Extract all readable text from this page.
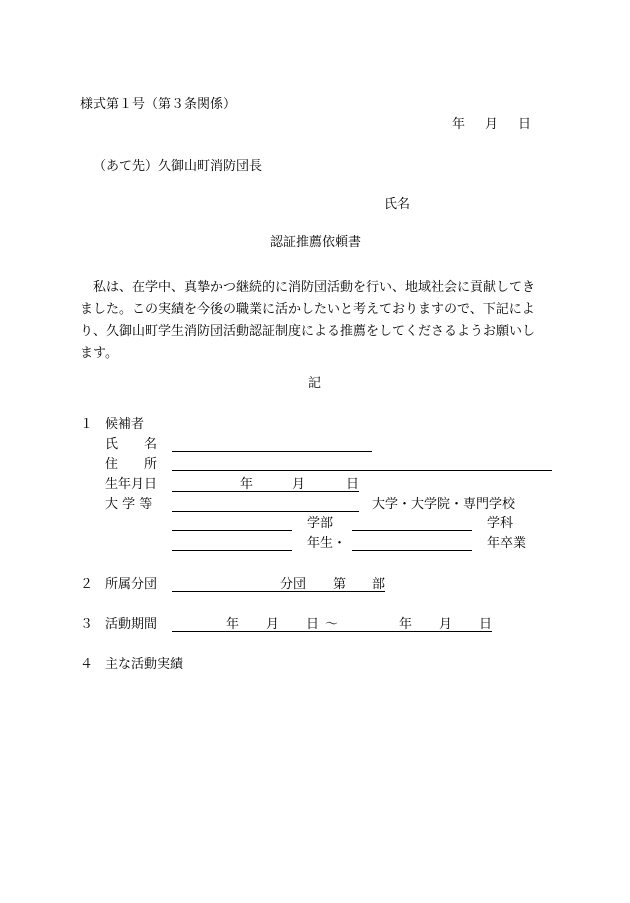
様式第１号（第３条関係）
年 月 日
（あて先）久御山町消防団長
氏名
認証推薦依頼書

　私は、在学中、真摯かつ継続的に消防団活動を行い、地域社会に貢献してき

ました。この実績を今後の職業に活かしたいと考えておりますので、下記によ

り、久御山町学生消防団活動認証制度による推薦をしてくださるようお願いし

ます。

記
１ 候補者
氏　　名
住　　所
生年月日	年	月	日
大 学 等	大学・大学院・専門学校
学部	学科
年生・	年卒業
２ 所属分団	分団 第 部
３ 活動期間	年 月 日 ～	年 月 日
４ 主な活動実績
